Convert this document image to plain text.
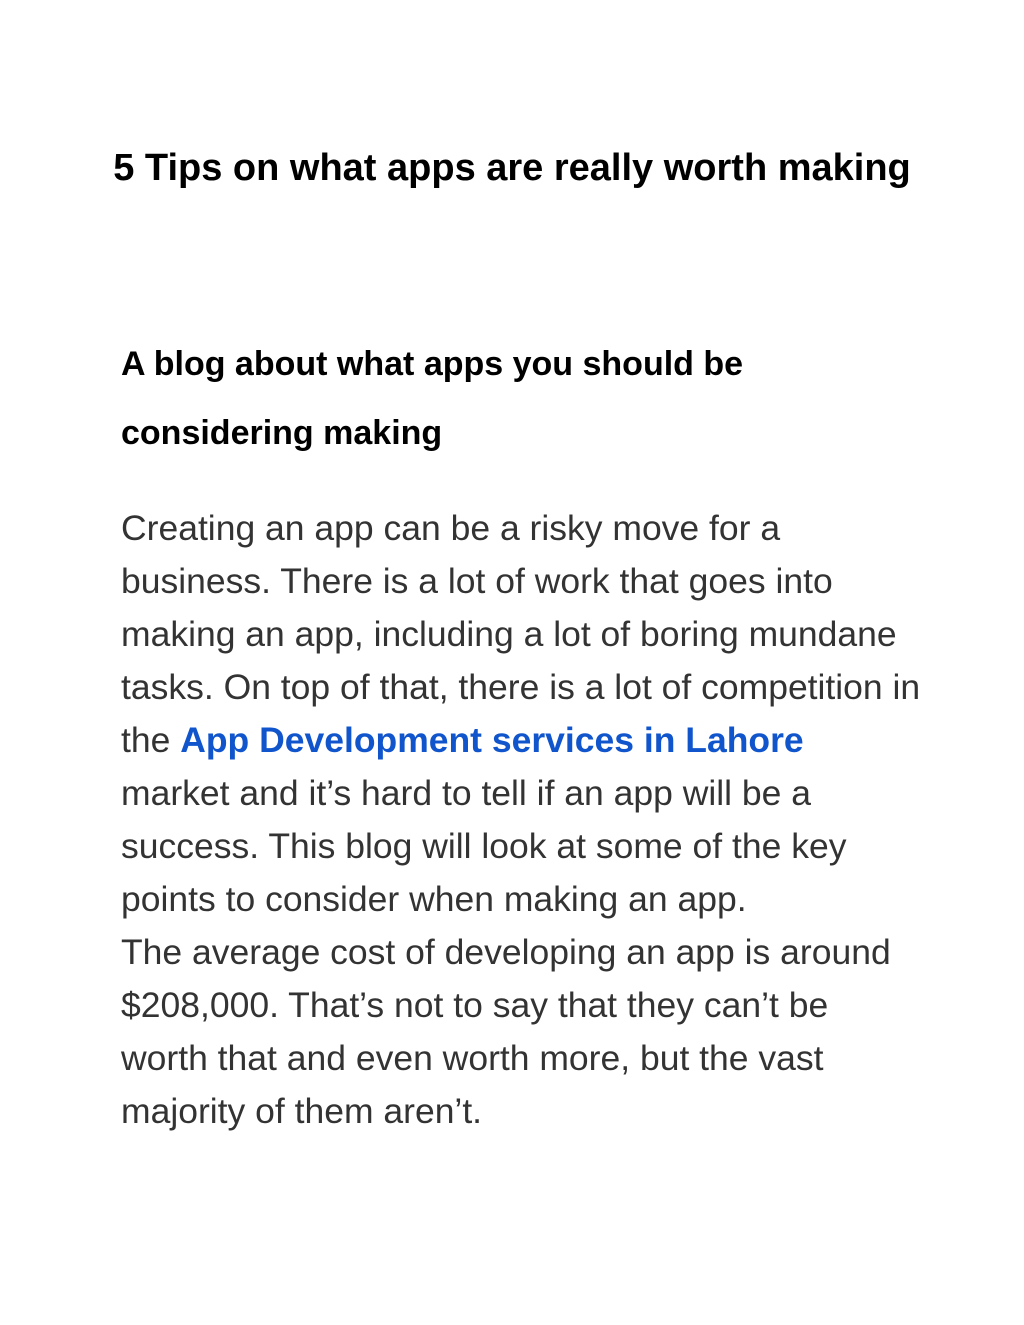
5 Tips on what apps are really worth making
A blog about what apps you should be considering making

Creating an app can be a risky move for a business. There is a lot of work that goes into making an app, including a lot of boring mundane tasks. On top of that, there is a lot of competition in the App Development services in Lahore market and it’s hard to tell if an app will be a success. This blog will look at some of the key points to consider when making an app.

The average cost of developing an app is around $208,000. That’s not to say that they can’t be worth that and even worth more, but the vast majority of them aren’t.
